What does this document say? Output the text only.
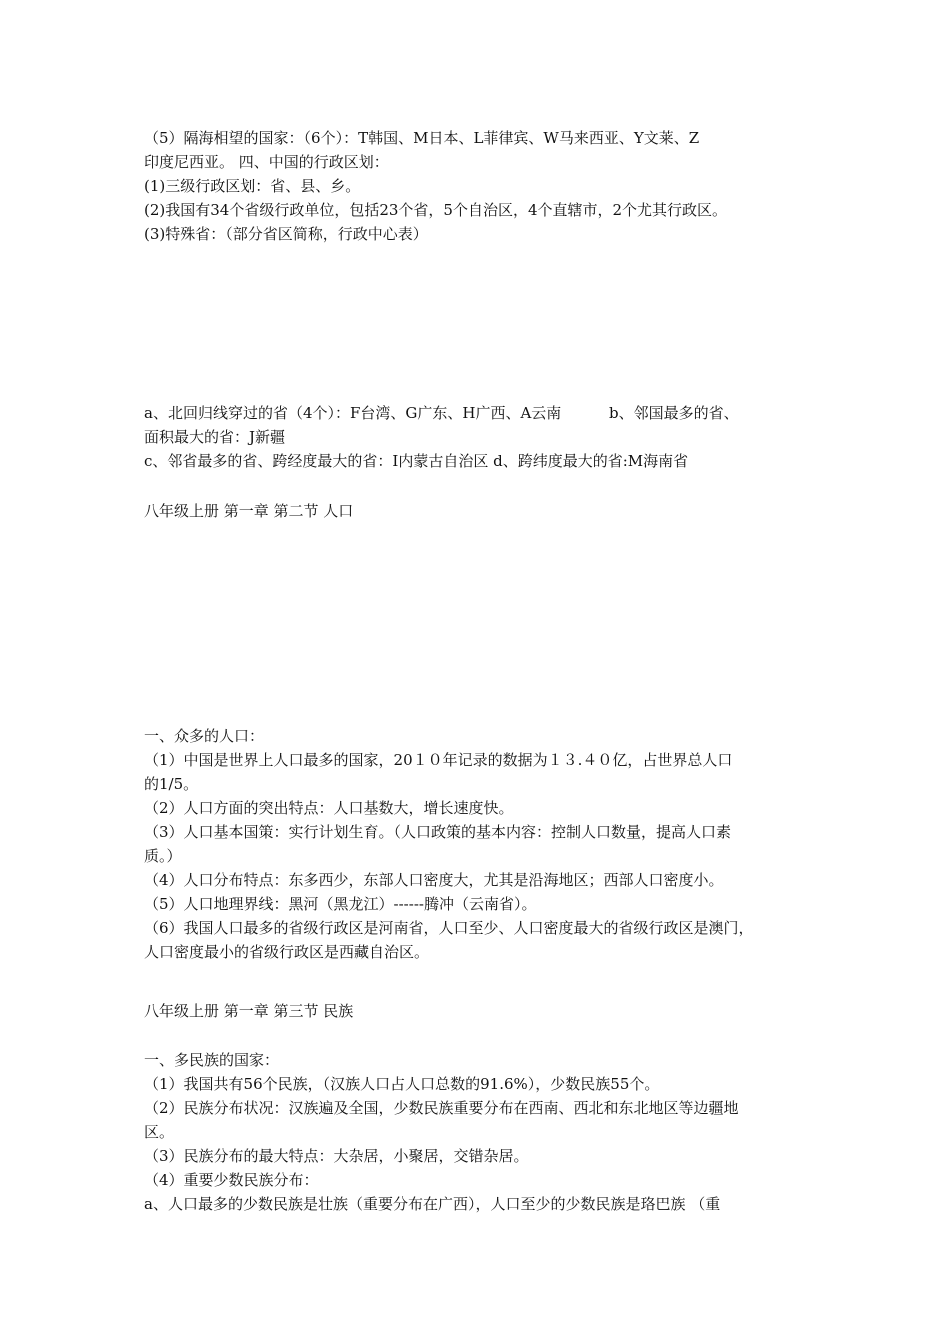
（5）隔海相望的国家：（6个）：T韩国、M日本、L菲律宾、W马来西亚、Y文莱、Z

印度尼西亚。 四、中国的行政区划：

(1)三级行政区划：省、县、乡。

(2)我国有34个省级行政单位，包括23个省，5个自治区，4个直辖市，2个尤其行政区。

(3)特殊省：（部分省区简称，行政中心表）

a、北回归线穿过的省（4个）：F台湾、G广东、H广西、A云南          b、邻国最多的省、

面积最大的省：J新疆

c、邻省最多的省、跨经度最大的省：I内蒙古自治区 d、跨纬度最大的省:M海南省

八年级上册 第一章 第二节 人口

一、众多的人口：

（1）中国是世界上人口最多的国家，20１０年记录的数据为１３.４０亿，占世界总人口

的1/5。

（2）人口方面的突出特点：人口基数大，增长速度快。

（3）人口基本国策：实行计划生育。（人口政策的基本内容：控制人口数量，提高人口素

质。）

（4）人口分布特点：东多西少，东部人口密度大，尤其是沿海地区；西部人口密度小。

（5）人口地理界线：黑河（黑龙江）------腾冲（云南省）。

（6）我国人口最多的省级行政区是河南省，人口至少、人口密度最大的省级行政区是澳门，

人口密度最小的省级行政区是西藏自治区。

八年级上册 第一章 第三节 民族

一、多民族的国家：

（1）我国共有56个民族，（汉族人口占人口总数的91.6%），少数民族55个。

（2）民族分布状况：汉族遍及全国，少数民族重要分布在西南、西北和东北地区等边疆地

区。

（3）民族分布的最大特点：大杂居，小聚居，交错杂居。

（4）重要少数民族分布：

a、人口最多的少数民族是壮族（重要分布在广西），人口至少的少数民族是珞巴族 （重
